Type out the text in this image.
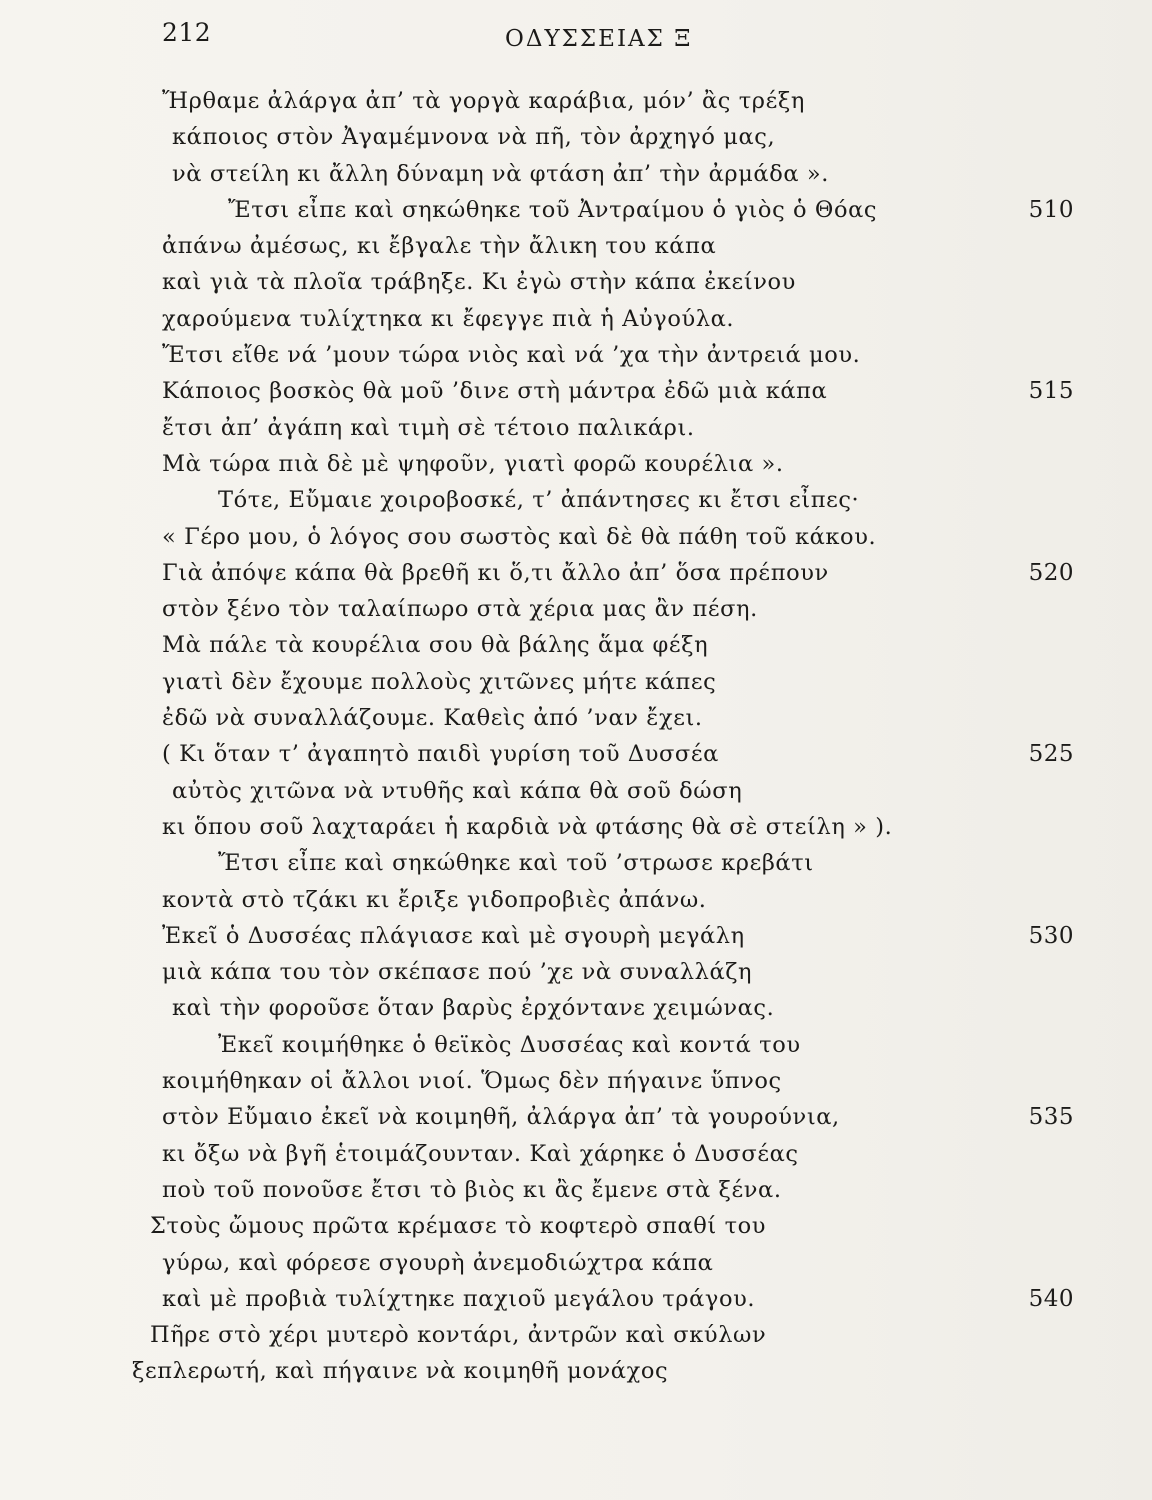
212	ΟΔΥΣΣΕΙΑΣ Ξ
Ἤρθαμε ἀλάργα ἀπ’ τὰ γοργὰ καράβια, μόν’ ἂς τρέξη
κάποιος στὸν Ἀγαμέμνονα νὰ πῆ, τὸν ἀρχηγό μας,
νὰ στείλη κι ἄλλη δύναμη νὰ φτάση ἀπ’ τὴν ἀρμάδα ».
Ἔτσι εἶπε καὶ σηκώθηκε τοῦ Ἀντραίμου ὁ γιὸς ὁ Θόας	510
ἀπάνω ἀμέσως, κι ἔβγαλε τὴν ἄλικη του κάπα
καὶ γιὰ τὰ πλοῖα τράβηξε. Κι ἐγὼ στὴν κάπα ἐκείνου
χαρούμενα τυλίχτηκα κι ἔφεγγε πιὰ ἡ Αὐγούλα.
Ἔτσι εἴθε νά ’μουν τώρα νιὸς καὶ νά ’χα τὴν ἀντρειά μου.
Κάποιος βοσκὸς θὰ μοῦ ’δινε στὴ μάντρα ἐδῶ μιὰ κάπα	515
ἔτσι ἀπ’ ἀγάπη καὶ τιμὴ σὲ τέτοιο παλικάρι.
Μὰ τώρα πιὰ δὲ μὲ ψηφοῦν, γιατὶ φορῶ κουρέλια ».
Τότε, Εὔμαιε χοιροβοσκέ, τ’ ἀπάντησες κι ἔτσι εἶπες·
« Γέρο μου, ὁ λόγος σου σωστὸς καὶ δὲ θὰ πάθη τοῦ κάκου.
Γιὰ ἀπόψε κάπα θὰ βρεθῆ κι ὅ,τι ἄλλο ἀπ’ ὅσα πρέπουν	520
στὸν ξένο τὸν ταλαίπωρο στὰ χέρια μας ἂν πέση.
Μὰ πάλε τὰ κουρέλια σου θὰ βάλης ἅμα φέξη
γιατὶ δὲν ἔχουμε πολλοὺς χιτῶνες μήτε κάπες
ἐδῶ νὰ συναλλάζουμε. Καθεὶς ἀπό ’ναν ἔχει.
( Κι ὅταν τ’ ἀγαπητὸ παιδὶ γυρίση τοῦ Δυσσέα	525
αὐτὸς χιτῶνα νὰ ντυθῆς καὶ κάπα θὰ σοῦ δώση
κι ὅπου σοῦ λαχταράει ἡ καρδιὰ νὰ φτάσης θὰ σὲ στείλη » ).
Ἔτσι εἶπε καὶ σηκώθηκε καὶ τοῦ ’στρωσε κρεβάτι
κοντὰ στὸ τζάκι κι ἔριξε γιδοπροβιὲς ἀπάνω.
Ἐκεῖ ὁ Δυσσέας πλάγιασε καὶ μὲ σγουρὴ μεγάλη	530
μιὰ κάπα του τὸν σκέπασε πού ’χε νὰ συναλλάζη
καὶ τὴν φοροῦσε ὅταν βαρὺς ἐρχόντανε χειμώνας.
Ἐκεῖ κοιμήθηκε ὁ θεϊκὸς Δυσσέας καὶ κοντά του
κοιμήθηκαν οἱ ἄλλοι νιοί. Ὅμως δὲν πήγαινε ὕπνος
στὸν Εὔμαιο ἐκεῖ νὰ κοιμηθῆ, ἀλάργα ἀπ’ τὰ γουρούνια,	535
κι ὄξω νὰ βγῆ ἑτοιμάζουνταν. Καὶ χάρηκε ὁ Δυσσέας
ποὺ τοῦ πονοῦσε ἔτσι τὸ βιὸς κι ἂς ἔμενε στὰ ξένα.
Στοὺς ὤμους πρῶτα κρέμασε τὸ κοφτερὸ σπαθί του
γύρω, καὶ φόρεσε σγουρὴ ἀνεμοδιώχτρα κάπα
καὶ μὲ προβιὰ τυλίχτηκε παχιοῦ μεγάλου τράγου.	540
Πῆρε στὸ χέρι μυτερὸ κοντάρι, ἀντρῶν καὶ σκύλων
ξεπλερωτή, καὶ πήγαινε νὰ κοιμηθῆ μονάχος
